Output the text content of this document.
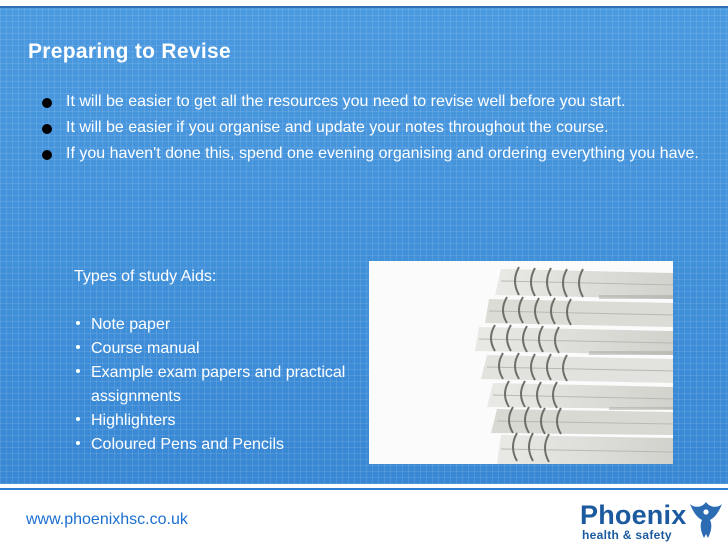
Preparing to Revise
It will be easier to get all the resources you need to revise well before you start.
It will be easier if you organise and update your notes throughout the course.
If you haven't done this, spend one evening organising and ordering everything you have.
Types of study Aids:
Note paper
Course manual
Example exam papers and practical assignments
Highlighters
Coloured Pens and Pencils
www.phoenixhsc.co.uk	Phoenix
health & safety
